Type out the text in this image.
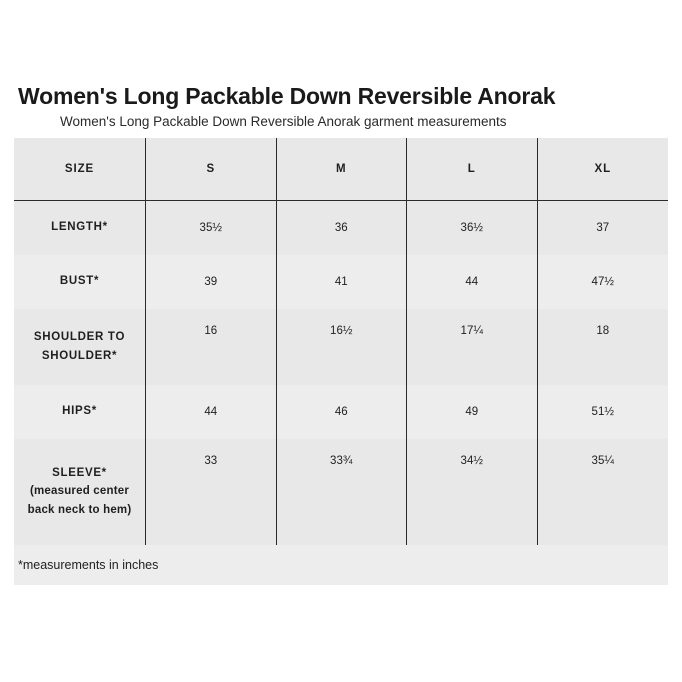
Women's Long Packable Down Reversible Anorak
Women's Long Packable Down Reversible Anorak garment measurements
SIZE	S	M	L	XL
LENGTH*	35½	36	36½	37
BUST*	39	41	44	47½
SHOULDER TO
SHOULDER*
16	16½	17¼	18
HIPS*	44	46	49	51½
SLEEVE*
(measured center
back neck to hem)
33	33¾	34½	35¼
*measurements in inches
